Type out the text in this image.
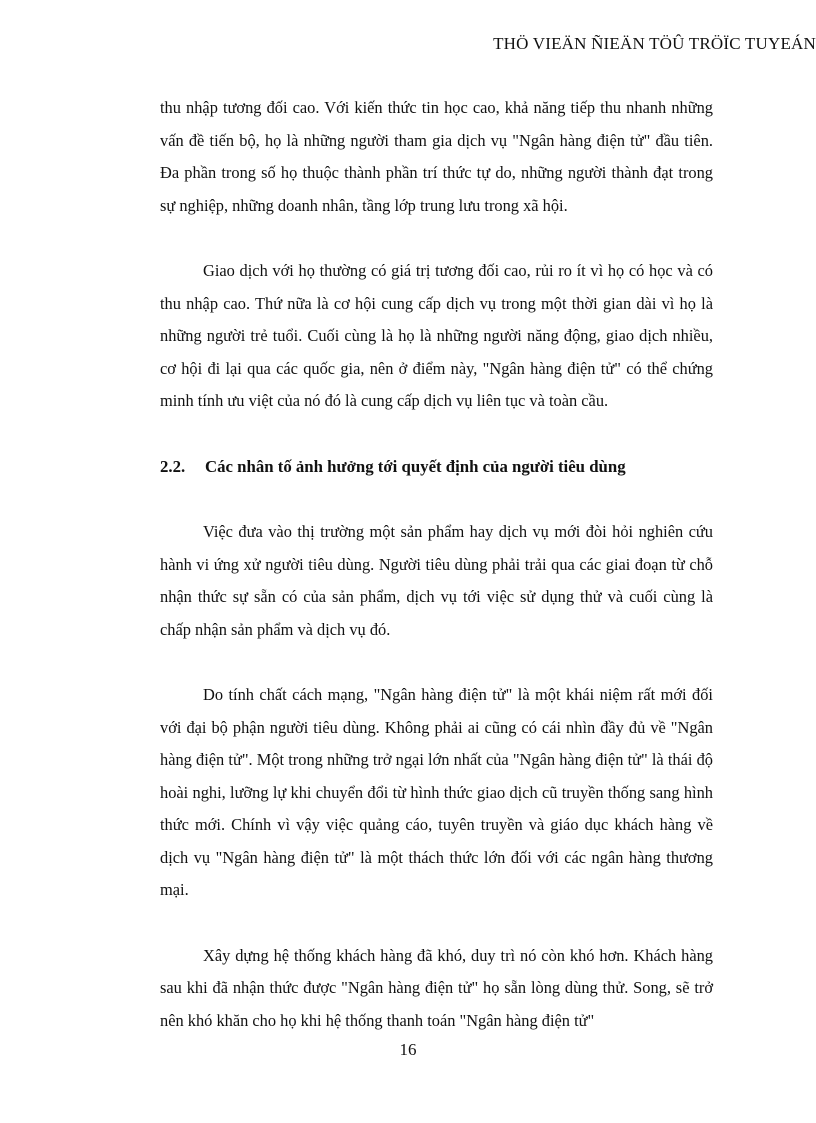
THÖ VIEÄN ÑIEÄN TÖÛ TRÖÏC TUYEÁN

thu nhập tương đối cao. Với kiến thức tin học cao, khả năng tiếp thu nhanh những vấn đề tiến bộ, họ là những người tham gia dịch vụ "Ngân hàng điện tử" đầu tiên. Đa phần trong số họ thuộc thành phần trí thức tự do, những người thành đạt trong sự nghiệp, những doanh nhân, tầng lớp trung lưu trong xã hội.

Giao dịch với họ thường có giá trị tương đối cao, rủi ro ít vì họ có học và có thu nhập cao. Thứ nữa là cơ hội cung cấp dịch vụ trong một thời gian dài vì họ là những người trẻ tuổi. Cuối cùng là họ là những người năng động, giao dịch nhiều, cơ hội đi lại qua các quốc gia, nên ở điểm này, "Ngân hàng điện tử" có thể chứng minh tính ưu việt của nó đó là cung cấp dịch vụ liên tục và toàn cầu.

2.2. Các nhân tố ảnh hưởng tới quyết định của người tiêu dùng

Việc đưa vào thị trường một sản phẩm hay dịch vụ mới đòi hỏi nghiên cứu hành vi ứng xử người tiêu dùng. Người tiêu dùng phải trải qua các giai đoạn từ chỗ nhận thức sự sẵn có của sản phẩm, dịch vụ tới việc sử dụng thử và cuối cùng là chấp nhận sản phẩm và dịch vụ đó.

Do tính chất cách mạng, "Ngân hàng điện tử" là một khái niệm rất mới đối với đại bộ phận người tiêu dùng. Không phải ai cũng có cái nhìn đầy đủ về "Ngân hàng điện tử". Một trong những trở ngại lớn nhất của "Ngân hàng điện tử" là thái độ hoài nghi, lưỡng lự khi chuyển đổi từ hình thức giao dịch cũ truyền thống sang hình thức mới. Chính vì vậy việc quảng cáo, tuyên truyền và giáo dục khách hàng về dịch vụ "Ngân hàng điện tử" là một thách thức lớn đối với các ngân hàng thương mại.

Xây dựng hệ thống khách hàng đã khó, duy trì nó còn khó hơn. Khách hàng sau khi đã nhận thức được "Ngân hàng điện tử" họ sẵn lòng dùng thử. Song, sẽ trở nên khó khăn cho họ khi hệ thống thanh toán "Ngân hàng điện tử"

16
